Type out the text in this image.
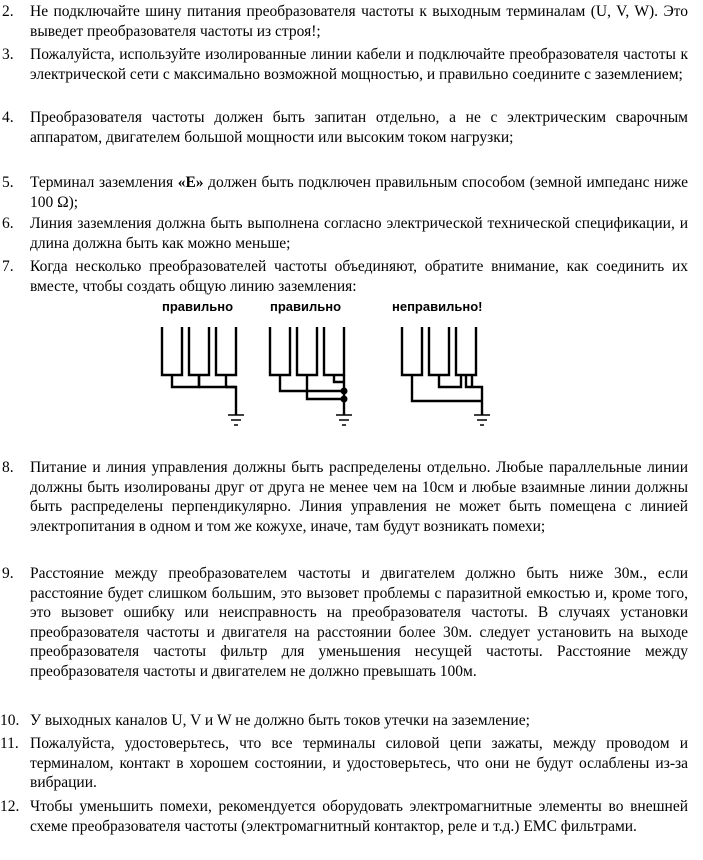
2.	Не подключайте шину питания преобразователя частоты к выходным терминалам (U, V, W). Это выведет преобразователя частоты из строя!;
3.	Пожалуйста, используйте изолированные линии кабели и подключайте преобразователя частоты к электрической сети с максимально возможной мощностью, и правильно соедините с заземлением;
4.	Преобразователя частоты должен быть запитан отдельно, а не с электрическим сварочным аппаратом, двигателем большой мощности или высоким током нагрузки;
5.	Терминал заземления «E» должен быть подключен правильным способом (земной импеданс ниже 100 Ω);
6.	Линия заземления должна быть выполнена согласно электрической технической спецификации, и длина должна быть как можно меньше;
7.	Когда несколько преобразователей частоты объединяют, обратите внимание, как соединить их вместе, чтобы создать общую линию заземления:
правильно	правильно	неправильно!
8.	Питание и линия управления должны быть распределены отдельно. Любые параллельные линии должны быть изолированы друг от друга не менее чем на 10см и любые взаимные линии должны быть распределены перпендикулярно. Линия управления не может быть помещена с линией электропитания в одном и том же кожухе, иначе, там будут возникать помехи;
9.	Расстояние между преобразователем частоты и двигателем должно быть ниже 30м., если расстояние будет слишком большим, это вызовет проблемы с паразитной емкостью и, кроме того, это вызовет ошибку или неисправность на преобразователя частоты. В случаях установки преобразователя частоты и двигателя на расстоянии более 30м. следует установить на выходе преобразователя частоты фильтр для уменьшения несущей частоты. Расстояние между преобразователя частоты и двигателем не должно превышать 100м.
10. У выходных каналов U, V и W не должно быть токов утечки на заземление;
11. Пожалуйста, удостоверьтесь, что все терминалы силовой цепи зажаты, между проводом и терминалом, контакт в хорошем состоянии, и удостоверьтесь, что они не будут ослаблены из-за вибрации.
12. Чтобы уменьшить помехи, рекомендуется оборудовать электромагнитные элементы во внешней схеме преобразователя частоты (электромагнитный контактор, реле и т.д.) EMC фильтрами.
